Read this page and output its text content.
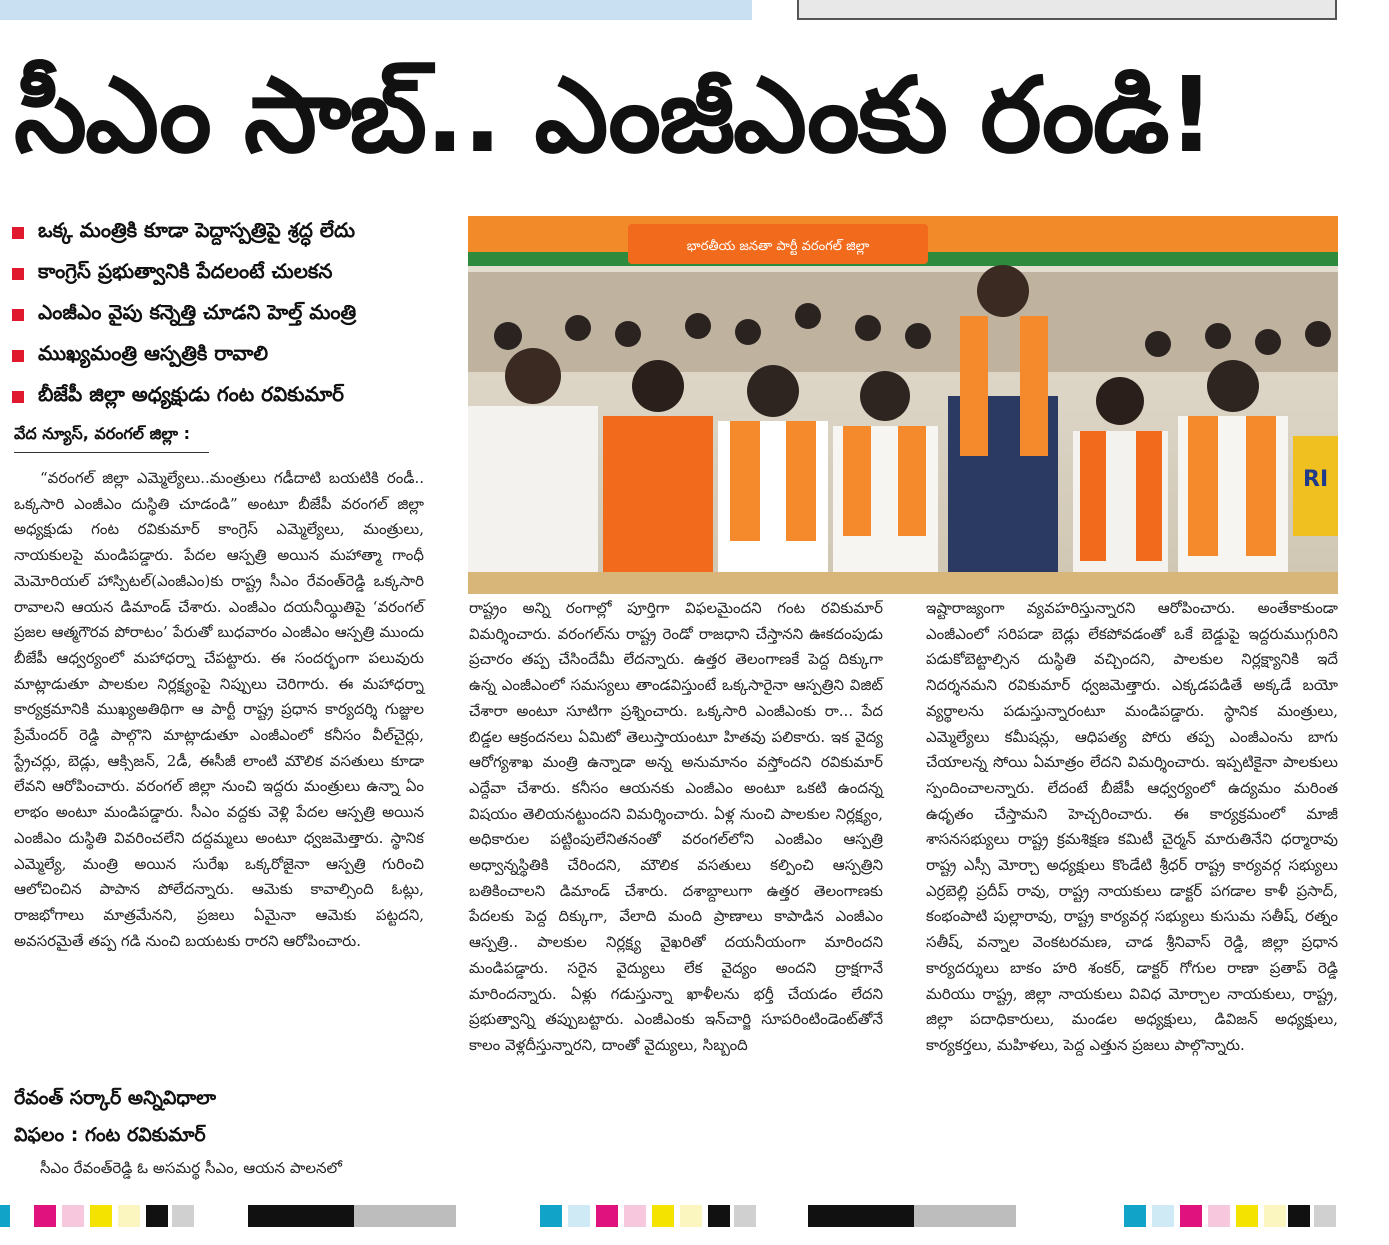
సీఎం సాబ్.. ఎంజీఎంకు రండి!
ఒక్క మంత్రికి కూడా పెద్దాస్పత్రిపై శ్రద్ధ లేదు
కాంగ్రెస్ ప్రభుత్వానికి పేదలంటే చులకన
ఎంజీఎం వైపు కన్నెత్తి చూడని హెల్త్ మంత్రి
ముఖ్యమంత్రి ఆస్పత్రికి రావాలి
బీజేపీ జిల్లా అధ్యక్షుడు గంట రవికుమార్
వేద న్యూస్, వరంగల్ జిల్లా :

“వరంగల్ జిల్లా ఎమ్మెల్యేలు..మంత్రులు గడీదాటి బయటికి రండీ.. ఒక్కసారి ఎంజీఎం దుస్థితి చూడండి” అంటూ బీజేపీ వరంగల్ జిల్లా అధ్యక్షుడు గంట రవికుమార్ కాంగ్రెస్ ఎమ్మెల్యేలు, మంత్రులు, నాయకులపై మండిపడ్డారు. పేదల ఆస్పత్రి అయిన మహాత్మా గాంధీ మెమోరియల్ హాస్పిటల్(ఎంజీఎం)కు రాష్ట్ర సీఎం రేవంత్‌రెడ్డి ఒక్కసారి రావాలని ఆయన డిమాండ్ చేశారు. ఎంజీఎం దయనీయ్థితిపై ‘వరంగల్ ప్రజల ఆత్మగౌరవ పోరాటం’ పేరుతో బుధవారం ఎంజీఎం ఆస్పత్రి ముందు బీజేపీ ఆధ్వర్యంలో మహాధర్నా చేపట్టారు. ఈ సందర్భంగా పలువురు మాట్లాడుతూ పాలకుల నిర్లక్ష్యంపై నిప్పులు చెరిగారు. ఈ మహాధర్నా కార్యక్రమానికి ముఖ్యఅతిథిగా ఆ పార్టీ రాష్ట్ర ప్రధాన కార్యదర్శి గుజ్జుల ప్రేమేందర్ రెడ్డి పాల్గొని మాట్లాడుతూ ఎంజీఎంలో కనీసం వీల్‌చైర్లు, స్ట్రేచర్లు, బెడ్లు, ఆక్సిజన్, 2డీ, ఈసీజీ లాంటి మౌలిక వసతులు కూడా లేవని ఆరోపించారు. వరంగల్ జిల్లా నుంచి ఇద్దరు మంత్రులు ఉన్నా ఏం లాభం అంటూ మండిపడ్డారు. సీఎం వద్దకు వెళ్లి పేదల ఆస్పత్రి అయిన ఎంజీఎం దుస్థితి వివరించలేని దద్దమ్మలు అంటూ ధ్వజమెత్తారు. స్థానిక ఎమ్మెల్యే, మంత్రి అయిన సురేఖ ఒక్కరోజైనా ఆస్పత్రి గురించి ఆలోచించిన పాపాన పోలేదన్నారు. ఆమెకు కావాల్సింది ఓట్లు, రాజభోగాలు మాత్రమేనని, ప్రజలు ఏమైనా ఆమెకు పట్టదని, అవసరమైతే తప్ప గడి నుంచి బయటకు రారని ఆరోపించారు.

రేవంత్ సర్కార్ అన్నివిధాలా
విఫలం : గంట రవికుమార్
సీఎం రేవంత్‌రెడ్డి ఓ అసమర్థ సీఎం, ఆయన పాలనలో
భారతీయ జనతా పార్టీ వరంగల్ జిల్లా
RI

రాష్ట్రం అన్ని రంగాల్లో పూర్తిగా విఫలమైందని గంట రవికుమార్ విమర్శించారు. వరంగల్‌ను రాష్ట్ర రెండో రాజధాని చేస్తానని ఊకదంపుడు ప్రచారం తప్ప చేసిందేమీ లేదన్నారు. ఉత్తర తెలంగాణకే పెద్ద దిక్కుగా ఉన్న ఎంజీఎంలో సమస్యలు తాండవిస్తుంటే ఒక్కసారైనా ఆస్పత్రిని విజిట్ చేశారా అంటూ సూటిగా ప్రశ్నించారు. ఒక్కసారి ఎంజీఎంకు రా... పేద బిడ్డల ఆక్రందనలు ఏమిటో తెలుస్తాయంటూ హితవు పలికారు. ఇక వైద్య ఆరోగ్యశాఖ మంత్రి ఉన్నాడా అన్న అనుమానం వస్తోందని రవికుమార్ ఎద్దేవా చేశారు. కనీసం ఆయనకు ఎంజీఎం అంటూ ఒకటి ఉందన్న విషయం తెలియనట్టుందని విమర్శించారు. ఏళ్ల నుంచి పాలకుల నిర్లక్ష్యం, అధికారుల పట్టింపులేనితనంతో వరంగల్‌లోని ఎంజీఎం ఆస్పత్రి అధ్వాన్నస్థితికి చేరిందని, మౌలిక వసతులు కల్పించి ఆస్పత్రిని బతికించాలని డిమాండ్ చేశారు. దశాబ్దాలుగా ఉత్తర తెలంగాణకు పేదలకు పెద్ద దిక్కుగా, వేలాది మంది ప్రాణాలు కాపాడిన ఎంజీఎం ఆస్పత్రి.. పాలకుల నిర్లక్ష్య వైఖరితో దయనీయంగా మారిందని మండిపడ్డారు. సరైన వైద్యులు లేక వైద్యం అందని ద్రాక్షగానే మారిందన్నారు. ఏళ్లు గడుస్తున్నా ఖాళీలను భర్తీ చేయడం లేదని ప్రభుత్వాన్ని తప్పుబట్టారు. ఎంజీఎంకు ఇన్‌చార్జి సూపరింటిండెంట్‌తోనే కాలం వెళ్లదీస్తున్నారని, దాంతో వైద్యులు, సిబ్బంది

ఇష్టారాజ్యంగా వ్యవహరిస్తున్నారని ఆరోపించారు. అంతేకాకుండా ఎంజీఎంలో సరిపడా బెడ్లు లేకపోవడంతో ఒకే బెడ్డుపై ఇద్దరుముగ్గురిని పడుకోబెట్టాల్సిన దుస్థితి వచ్చిందని, పాలకుల నిర్లక్ష్యానికి ఇదే నిదర్శనమని రవికుమార్ ధ్వజమెత్తారు. ఎక్కడపడితే అక్కడే బయో వ్యర్థాలను పడుస్తున్నారంటూ మండిపడ్డారు. స్థానిక మంత్రులు, ఎమ్మెల్యేలు కమీషన్లు, ఆధిపత్య పోరు తప్ప ఎంజీఎంను బాగు చేయాలన్న సోయి ఏమాత్రం లేదని విమర్శించారు. ఇప్పటికైనా పాలకులు స్పందించాలన్నారు. లేదంటే బీజేపీ ఆధ్వర్యంలో ఉద్యమం మరింత ఉధృతం చేస్తామని హెచ్చరించారు. ఈ కార్యక్రమంలో మాజీ శాసనసభ్యులు రాష్ట్ర క్రమశిక్షణ కమిటీ చైర్మన్ మారుతినేని ధర్మారావు రాష్ట్ర ఎస్సీ మోర్చా అధ్యక్షులు కొండేటి శ్రీధర్ రాష్ట్ర కార్యవర్గ సభ్యులు ఎర్రబెల్లి ప్రదీప్ రావు, రాష్ట్ర నాయకులు డాక్టర్ పగడాల కాళీ ప్రసాద్, కంభంపాటి పుల్లారావు, రాష్ట్ర కార్యవర్గ సభ్యులు కుసుమ సతీష్, రత్నం సతీష్, వన్నాల వెంకటరమణ, చాడ శ్రీనివాస్ రెడ్డి, జిల్లా ప్రధాన కార్యదర్శులు బాకం హరి శంకర్, డాక్టర్ గోగుల రాణా ప్రతాప్ రెడ్డి మరియు రాష్ట్ర, జిల్లా నాయకులు వివిధ మోర్చాల నాయకులు, రాష్ట్ర, జిల్లా పదాధికారులు, మండల అధ్యక్షులు, డివిజన్ అధ్యక్షులు, కార్యకర్తలు, మహిళలు, పెద్ద ఎత్తున ప్రజలు పాల్గొన్నారు.
